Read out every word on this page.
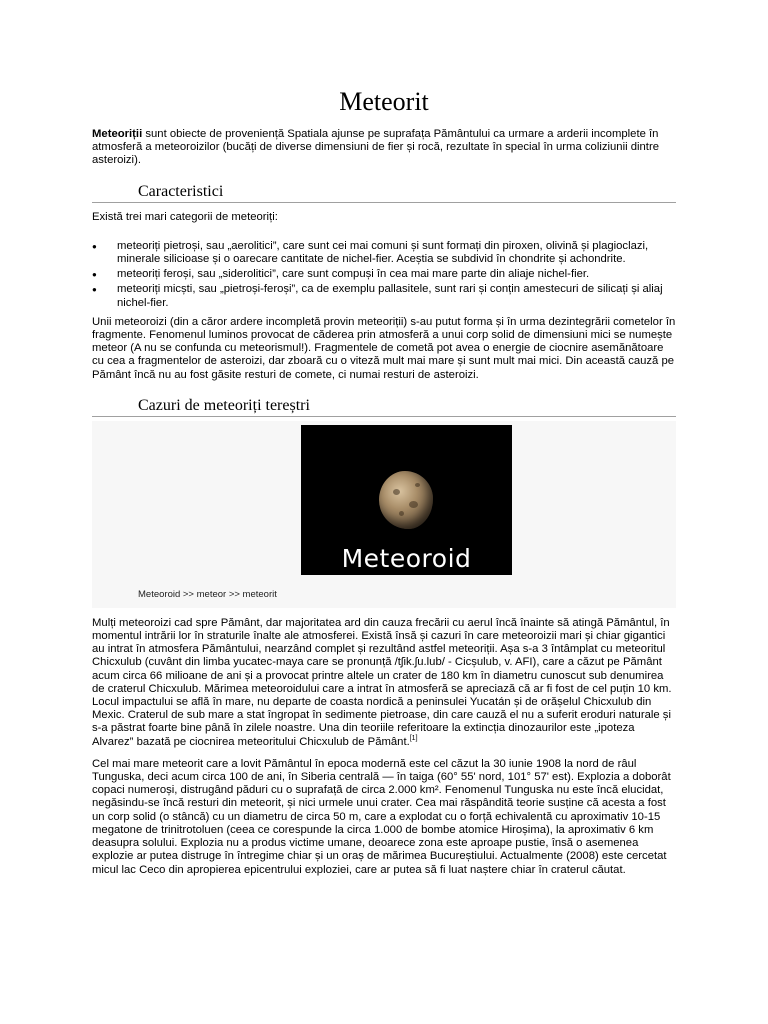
Meteorit

Meteoriții sunt obiecte de proveniență Spatiala ajunse pe suprafața Pământului ca urmare a arderii incomplete în atmosferă a meteoroizilor (bucăți de diverse dimensiuni de fier și rocă, rezultate în special în urma coliziunii dintre asteroizi).

Caracteristici

Există trei mari categorii de meteoriți:

● meteoriți pietroși, sau „aerolitici”, care sunt cei mai comuni și sunt formați din piroxen, olivină și plagioclazi, minerale silicioase și o oarecare cantitate de nichel-fier. Aceștia se subdivid în chondrite și achondrite.
● meteoriți feroși, sau „siderolitici”, care sunt compuși în cea mai mare parte din aliaje nichel-fier.
● meteoriți micști, sau „pietroși-feroși”, ca de exemplu pallasitele, sunt rari și conțin amestecuri de silicați și aliaj nichel-fier.

Unii meteoroizi (din a căror ardere incompletă provin meteoriții) s-au putut forma și în urma dezintegrării cometelor în fragmente. Fenomenul luminos provocat de căderea prin atmosferă a unui corp solid de dimensiuni mici se numește meteor (A nu se confunda cu meteorismul!). Fragmentele de cometă pot avea o energie de ciocnire asemănătoare cu cea a fragmentelor de asteroizi, dar zboară cu o viteză mult mai mare și sunt mult mai mici. Din această cauză pe Pământ încă nu au fost găsite resturi de comete, ci numai resturi de asteroizi.

Cazuri de meteoriți tereștri
Meteoroid
Meteoroid >> meteor >> meteorit

Mulți meteoroizi cad spre Pământ, dar majoritatea ard din cauza frecării cu aerul încă înainte să atingă Pământul, în momentul intrării lor în straturile înalte ale atmosferei. Există însă și cazuri în care meteoroizii mari și chiar gigantici au intrat în atmosfera Pământului, nearzând complet și rezultând astfel meteoriții. Așa s-a 3 întâmplat cu meteoritul Chicxulub (cuvânt din limba yucatec-maya care se pronunță /tʃik.ʃu.lub/ - Cicșulub, v. AFI), care a căzut pe Pământ acum circa 66 milioane de ani și a provocat printre altele un crater de 180 km în diametru cunoscut sub denumirea de craterul Chicxulub. Mărimea meteoroidului care a intrat în atmosferă se apreciază că ar fi fost de cel puțin 10 km. Locul impactului se află în mare, nu departe de coasta nordică a peninsulei Yucatán și de orășelul Chicxulub din Mexic. Craterul de sub mare a stat îngropat în sedimente pietroase, din care cauză el nu a suferit eroduri naturale și s-a păstrat foarte bine până în zilele noastre. Una din teoriile referitoare la extincția dinozaurilor este „ipoteza Alvarez” bazată pe ciocnirea meteoritului Chicxulub de Pământ.[1]

Cel mai mare meteorit care a lovit Pământul în epoca modernă este cel căzut la 30 iunie 1908 la nord de râul Tunguska, deci acum circa 100 de ani, în Siberia centrală — în taiga (60° 55' nord, 101° 57' est). Explozia a doborât copaci numeroși, distrugând păduri cu o suprafață de circa 2.000 km². Fenomenul Tunguska nu este încă elucidat, negăsindu-se încă resturi din meteorit, și nici urmele unui crater. Cea mai răspândită teorie susține că acesta a fost un corp solid (o stâncă) cu un diametru de circa 50 m, care a explodat cu o forță echivalentă cu aproximativ 10-15 megatone de trinitrotoluen (ceea ce corespunde la circa 1.000 de bombe atomice Hiroșima), la aproximativ 6 km deasupra solului. Explozia nu a produs victime umane, deoarece zona este aproape pustie, însă o asemenea explozie ar putea distruge în întregime chiar și un oraș de mărimea Bucureștiului. Actualmente (2008) este cercetat micul lac Ceco din apropierea epicentrului exploziei, care ar putea să fi luat naștere chiar în craterul căutat.
